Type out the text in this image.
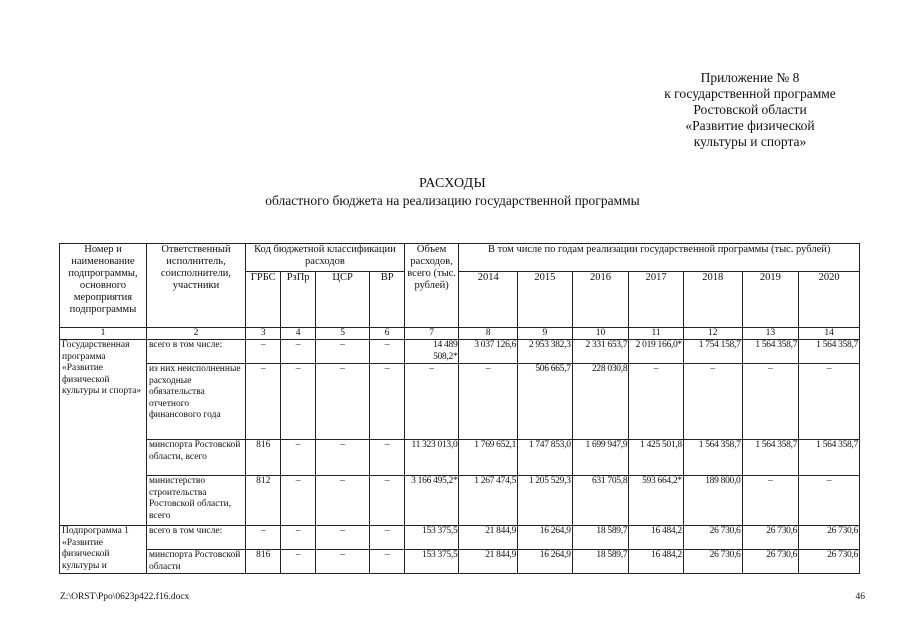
Приложение № 8
к государственной программе
Ростовской области
«Развитие физической
культуры и спорта»
РАСХОДЫ
областного бюджета на реализацию государственной программы
Номер и наименование подпрограммы, основного мероприятия подпрограммы	Ответственный исполнитель, соисполнители, участники	Код бюджетной классификации расходов				Объем расходов, всего (тыс. рублей)	В том числе по годам реализации государственной программы (тыс. рублей)						
		ГРБС	РзПр	ЦСР	ВР		2014	2015	2016	2017	2018	2019	2020
1	2	3	4	5	6	7	8	9	10	11	12	13	14
Государственная программа «Развитие физической культуры и спорта»	всего в том числе:	–	–	–	–	14 489 508,2*	3 037 126,6	2 953 382,3	2 331 653,7	2 019 166,0*	1 754 158,7	1 564 358,7	1 564 358,7
	из них неисполненные расходные обязательства отчетного финансового года	–	–	–	–	–	–	506 665,7	228 030,8	–	–	–	–
	минспорта Ростовской области, всего	816	–	–	–	11 323 013,0	1 769 652,1	1 747 853,0	1 699 947,9	1 425 501,8	1 564 358,7	1 564 358,7	1 564 358,7
	министерство строительства Ростовской области, всего	812	–	–	–	3 166 495,2*	1 267 474,5	1 205 529,3	631 705,8	593 664,2*	189 800,0	–	–
Подпрограмма 1 «Развитие физической культуры и	всего в том числе:	–	–	–	–	153 375,5	21 844,9	16 264,9	18 589,7	16 484,2	26 730,6	26 730,6	26 730,6
	минспорта Ростовской области	816	–	–	–	153 375,5	21 844,9	16 264,9	18 589,7	16 484,2	26 730,6	26 730,6	26 730,6
Z:\ORST\Ppo\0623p422.f16.docx	46
